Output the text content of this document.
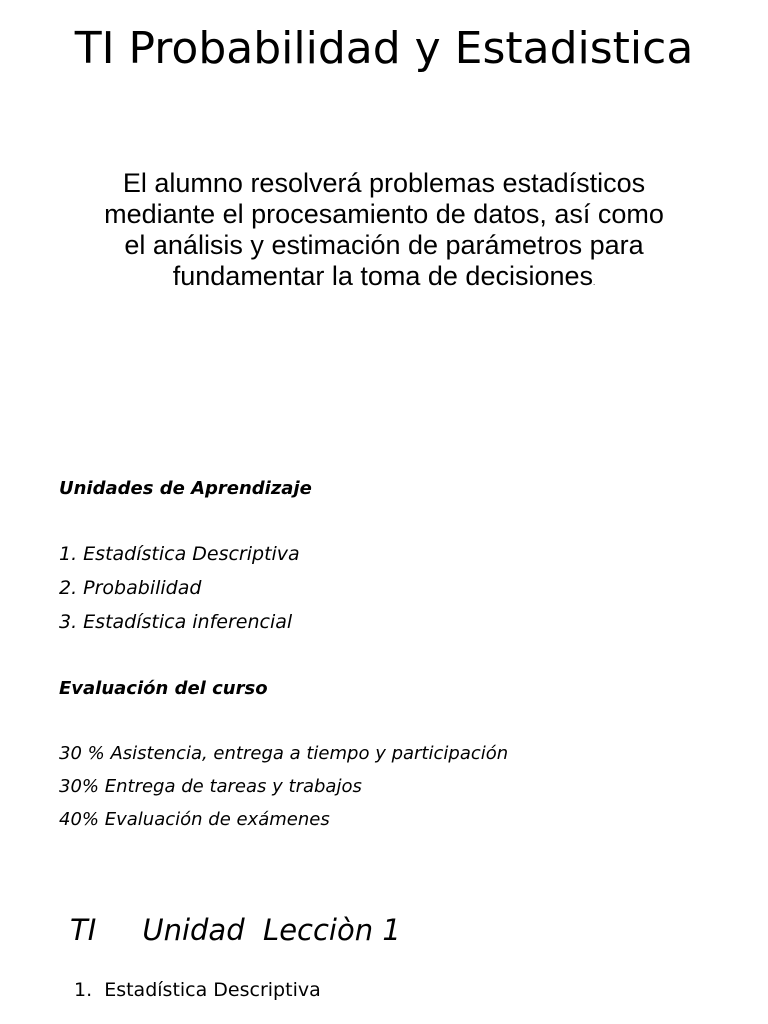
TI Probabilidad y Estadistica

El alumno resolverá problemas estadísticos mediante el procesamiento de datos, así como el análisis y estimación de parámetros para fundamentar la toma de decisiones.

Unidades de Aprendizaje
1. Estadística Descriptiva
2. Probabilidad
3. Estadística inferencial
Evaluación del curso
30 % Asistencia, entrega a tiempo y participación
30% Entrega de tareas y trabajos
40% Evaluación de exámenes
TI     Unidad  Lecciòn 1
1.  Estadística Descriptiva
